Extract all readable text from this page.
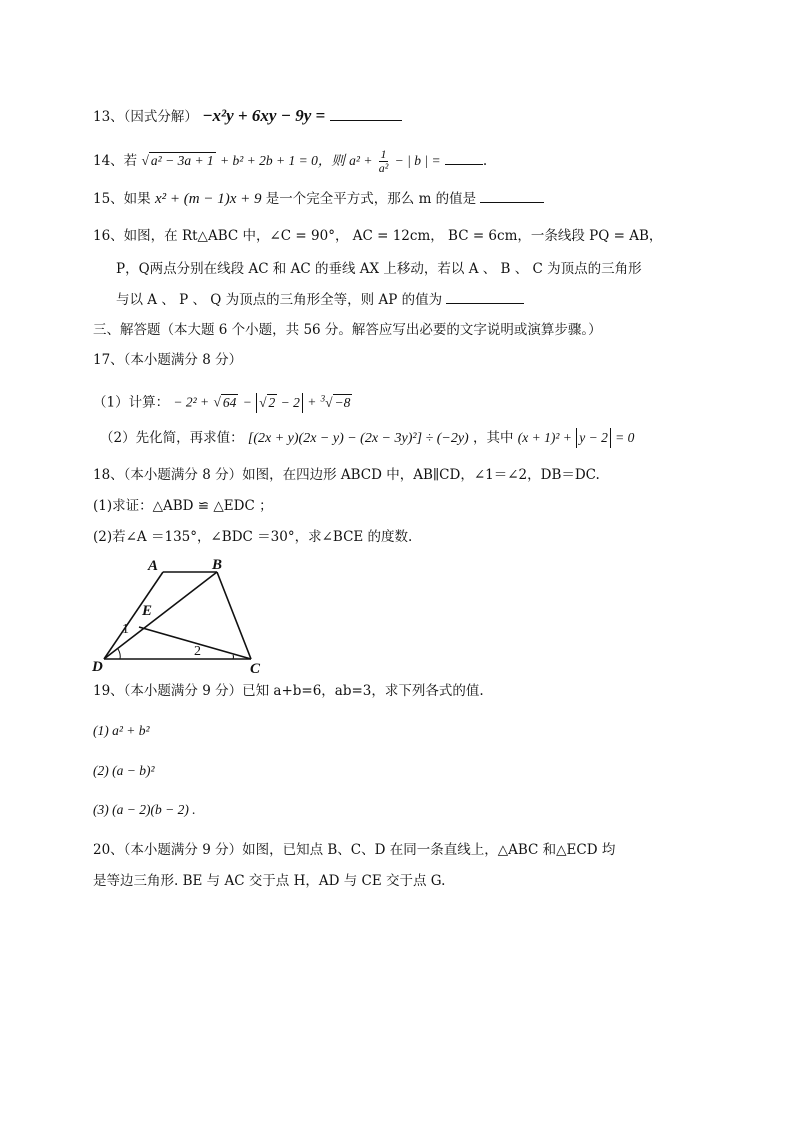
13、（因式分解） −x²y + 6xy − 9y =
14、若 √ a² − 3a + 1 + b² + 2b + 1 = 0，则 $a^2 + \frac{1}{\text{a²}}$ − | b | =	.
15、如果 x² + (m − 1)x + 9 是一个完全平方式，那么 m 的值是
16、如图，在 Rt△ABC 中，∠C = 90°， AC = 12cm， BC = 6cm，一条线段 PQ = AB，
P，Q两点分别在线段 AC 和 AC 的垂线 AX 上移动，若以 A 、 B 、 C 为顶点的三角形
与以 A 、 P 、 Q 为顶点的三角形全等，则 AP 的值为
三、解答题（本大题 6 个小题，共 56 分。解答应写出必要的文字说明或演算步骤。）
17、（本小题满分 8 分）
（1）计算： − 2² + √ 64 − √ 2 − 2 + $^3$√ −8
（2）先化简，再求值： [(2x + y)(2x − y) − (2x − 3y)²] ÷ (−2y) ，其中 (x + 1)² + y − 2 = 0
18、（本小题满分 8 分）如图，在四边形 ABCD 中，AB∥CD，∠1＝∠2，DB＝DC.
(1)求证：△ABD ≌ △EDC ；
(2)若∠A ＝135°，∠BDC ＝30°，求∠BCE 的度数.
A	B
C
D
E
1
2
19、（本小题满分 9 分）已知 a+b=6，ab=3，求下列各式的值.
(1) a² + b²
(2) (a − b)²
(3) (a − 2)(b − 2) .
20、（本小题满分 9 分）如图，已知点 B、C、D 在同一条直线上，△ABC 和△ECD 均
是等边三角形. BE 与 AC 交于点 H，AD 与 CE 交于点 G.
